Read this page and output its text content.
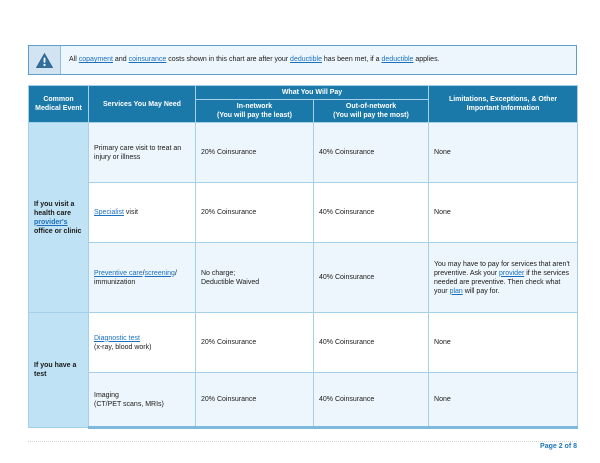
All copayment and coinsurance costs shown in this chart are after your deductible has been met, if a deductible applies.
Common Medical Event	Services You May Need	What You Will Pay		Limitations, Exceptions, & Other Important Information

		In-network
(You will pay the least)	Out-of-network
(You will pay the most)	

If you visit a health care provider's office or clinic	Primary care visit to treat an injury or illness	20% Coinsurance	40% Coinsurance	None
	Specialist visit	20% Coinsurance	40% Coinsurance	None

	Preventive care/screening/
immunization	No charge;
Deductible Waived	40% Coinsurance	You may have to pay for services that aren't preventive. Ask your provider if the services needed are preventive. Then check what your plan will pay for.
If you have a test	Diagnostic test
(x-ray, blood work)	20% Coinsurance	40% Coinsurance	None

	Imaging
(CT/PET scans, MRIs)	20% Coinsurance	40% Coinsurance	None
Page 2 of 8
